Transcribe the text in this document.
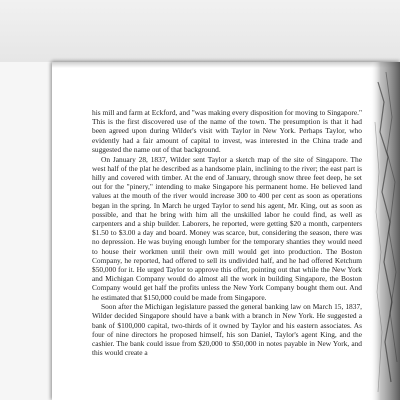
his mill and farm at Eckford, and "was making every disposition for moving to Singapore." This is the first discovered use of the name of the town. The presumption is that it had been agreed upon during Wilder's visit with Taylor in New York. Perhaps Taylor, who evidently had a fair amount of capital to invest, was interested in the China trade and suggested the name out of that background.

On January 28, 1837, Wilder sent Taylor a sketch map of the site of Singapore. The west half of the plat he described as a handsome plain, inclining to the river; the east part is hilly and covered with timber. At the end of January, through snow three feet deep, he set out for the "pinery," intending to make Singapore his permanent home. He believed land values at the mouth of the river would increase 300 to 400 per cent as soon as operations began in the spring. In March he urged Taylor to send his agent, Mr. King, out as soon as possible, and that he bring with him all the unskilled labor he could find, as well as carpenters and a ship builder. Laborers, he reported, were getting $20 a month, carpenters $1.50 to $3.00 a day and board. Money was scarce, but, considering the season, there was no depression. He was buying enough lumber for the temporary shanties they would need to house their workmen until their own mill would get into production. The Boston Company, he reported, had offered to sell its undivided half, and he had offered Ketchum $50,000 for it. He urged Taylor to approve this offer, pointing out that while the New York and Michigan Company would do almost all the work in building Singapore, the Boston Company would get half the profits unless the New York Company bought them out. And he estimated that $150,000 could be made from Singapore.

Soon after the Michigan legislature passed the general banking law on March 15, 1837, Wilder decided Singapore should have a bank with a branch in New York. He suggested a bank of $100,000 capital, two-thirds of it owned by Taylor and his eastern associates. As four of nine directors he proposed himself, his son Daniel, Taylor's agent King, and the cashier. The bank could issue from $20,000 to $50,000 in notes payable in New York, and this would create a
